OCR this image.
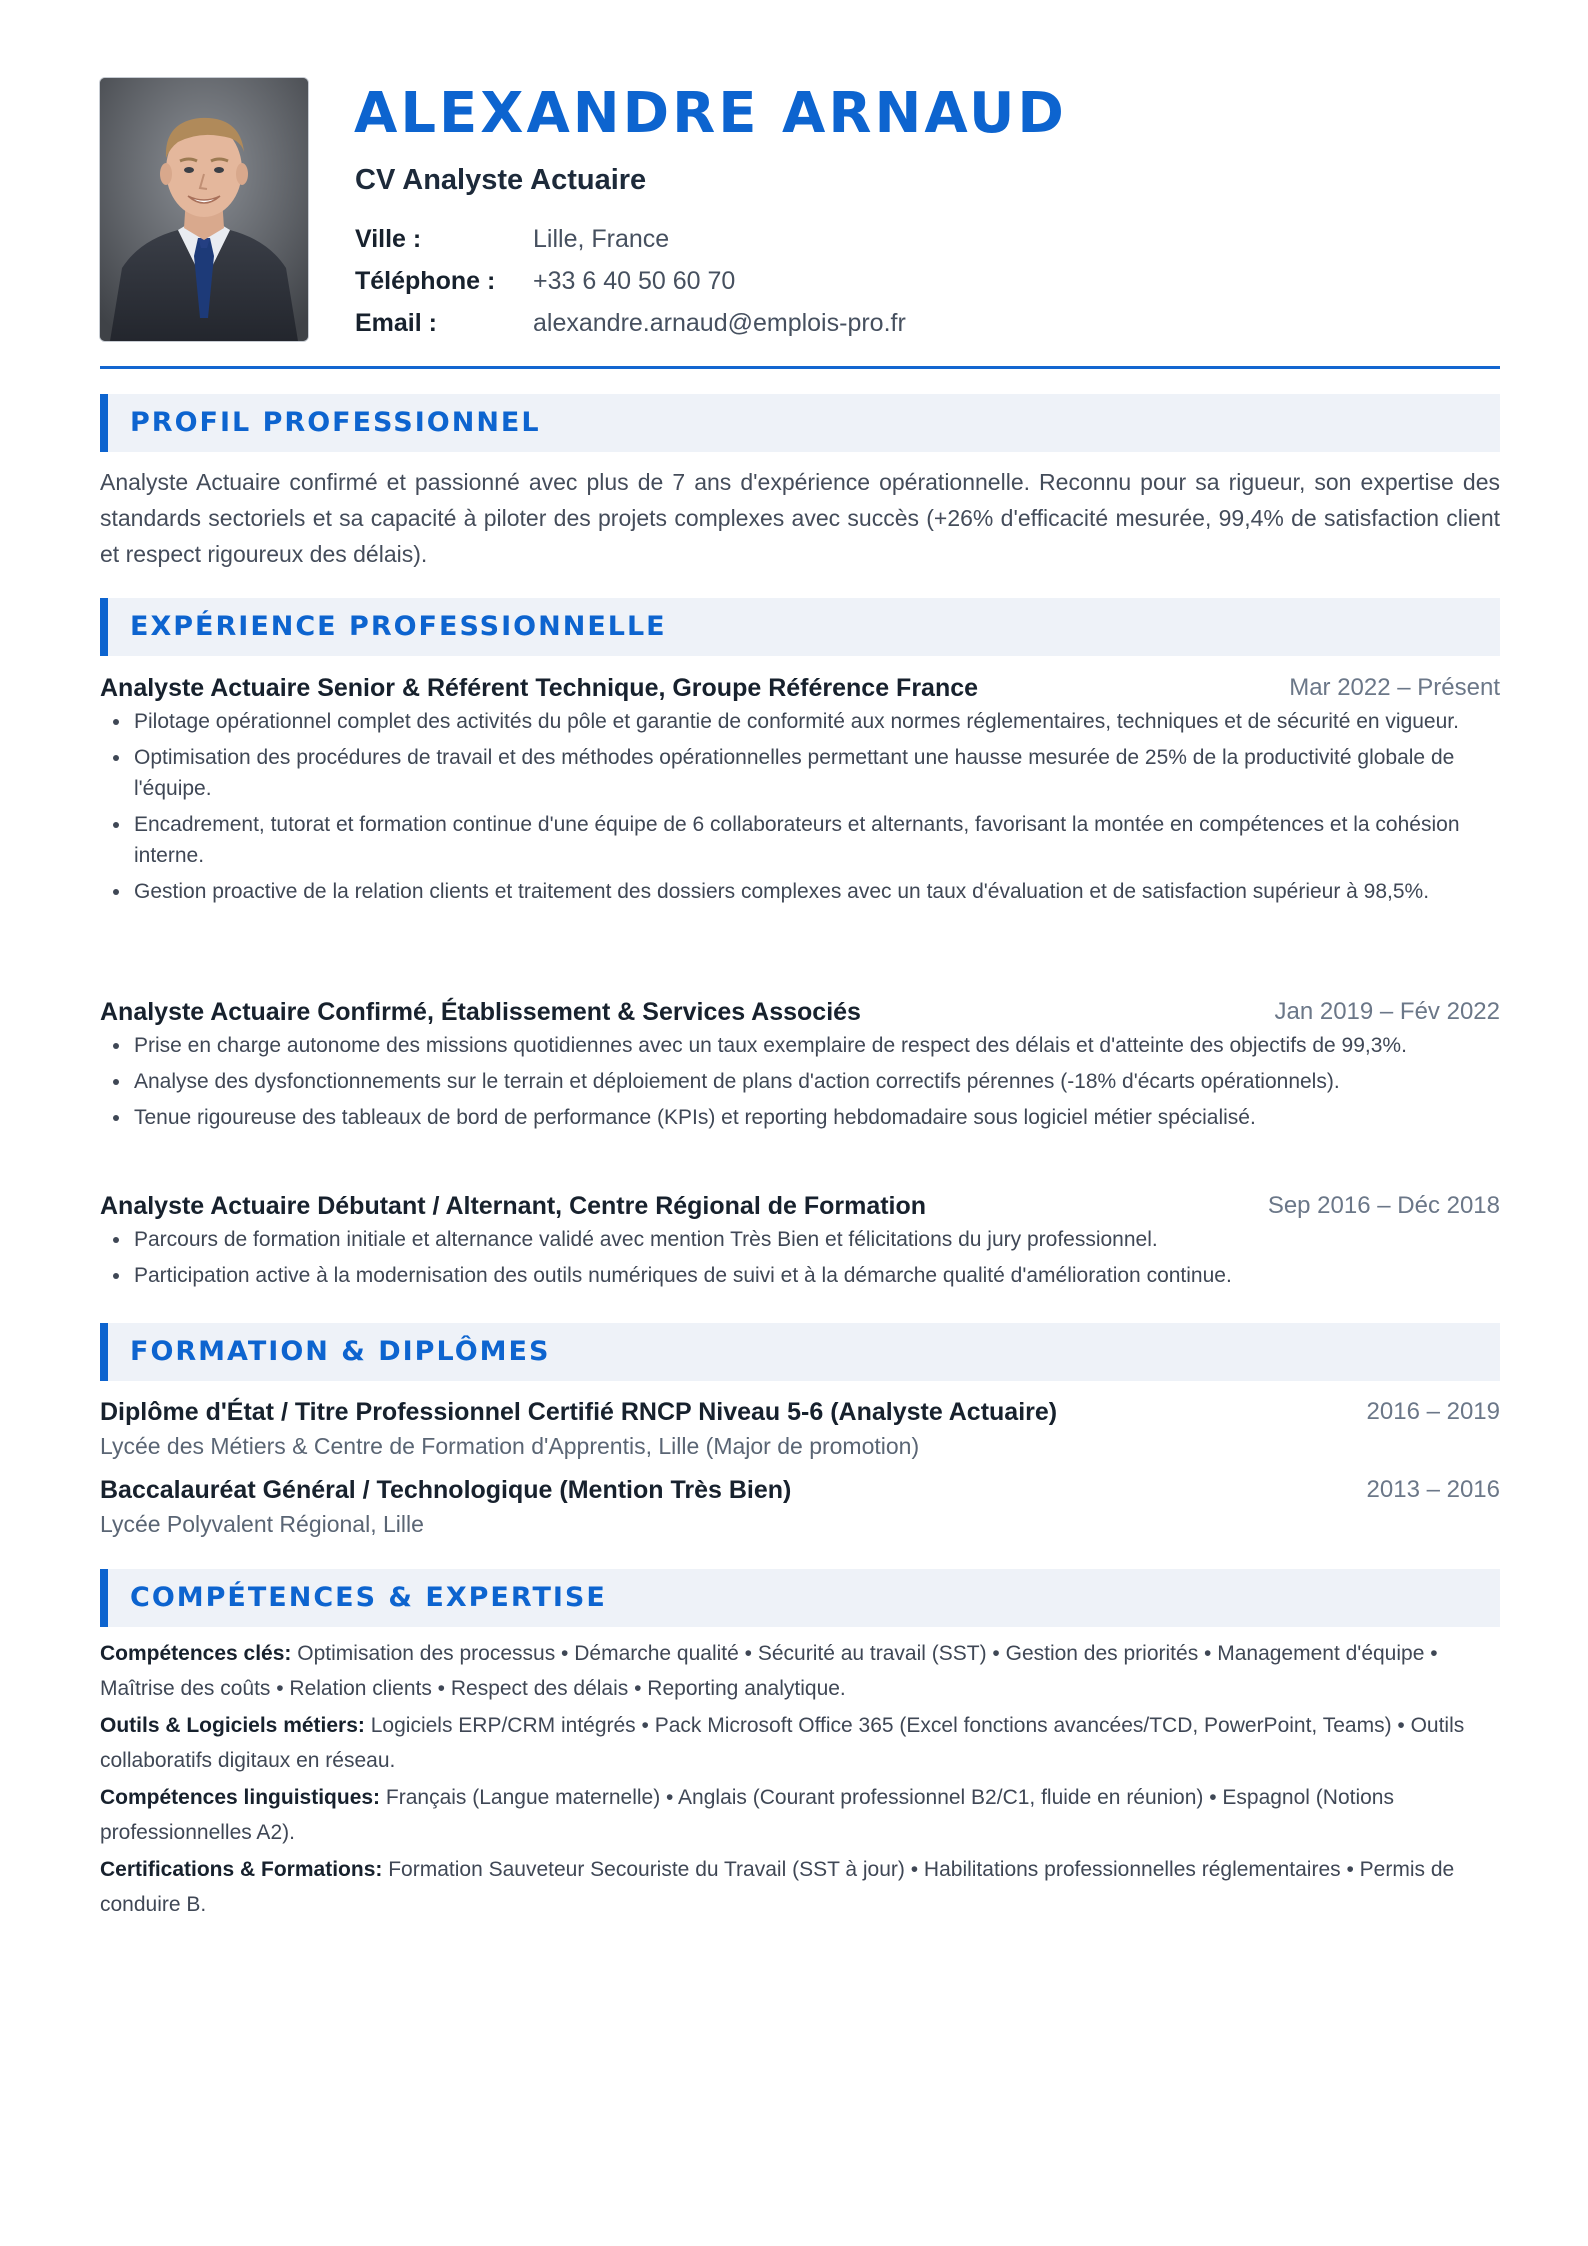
ALEXANDRE ARNAUD
CV Analyste Actuaire
Ville :	Lille, France
Téléphone : +33 6 40 50 60 70
Email :	alexandre.arnaud@emplois-pro.fr
PROFIL PROFESSIONNEL

Analyste Actuaire confirmé et passionné avec plus de 7 ans d'expérience opérationnelle. Reconnu pour sa rigueur, son expertise des standards sectoriels et sa capacité à piloter des projets complexes avec succès (+26% d'efficacité mesurée, 99,4% de satisfaction client et respect rigoureux des délais).

EXPÉRIENCE PROFESSIONNELLE
Analyste Actuaire Senior & Référent Technique, Groupe Référence France	Mar 2022 – Présent
Pilotage opérationnel complet des activités du pôle et garantie de conformité aux normes réglementaires, techniques et de sécurité en vigueur.
Optimisation des procédures de travail et des méthodes opérationnelles permettant une hausse mesurée de 25% de la productivité globale de l'équipe.
Encadrement, tutorat et formation continue d'une équipe de 6 collaborateurs et alternants, favorisant la montée en compétences et la cohésion interne.
Gestion proactive de la relation clients et traitement des dossiers complexes avec un taux d'évaluation et de satisfaction supérieur à 98,5%.
Analyste Actuaire Confirmé, Établissement & Services Associés	Jan 2019 – Fév 2022
Prise en charge autonome des missions quotidiennes avec un taux exemplaire de respect des délais et d'atteinte des objectifs de 99,3%.
Analyse des dysfonctionnements sur le terrain et déploiement de plans d'action correctifs pérennes (-18% d'écarts opérationnels).
Tenue rigoureuse des tableaux de bord de performance (KPIs) et reporting hebdomadaire sous logiciel métier spécialisé.
Analyste Actuaire Débutant / Alternant, Centre Régional de Formation	Sep 2016 – Déc 2018
Parcours de formation initiale et alternance validé avec mention Très Bien et félicitations du jury professionnel.
Participation active à la modernisation des outils numériques de suivi et à la démarche qualité d'amélioration continue.
FORMATION & DIPLÔMES
Diplôme d'État / Titre Professionnel Certifié RNCP Niveau 5-6 (Analyste Actuaire)	2016 – 2019
Lycée des Métiers & Centre de Formation d'Apprentis, Lille (Major de promotion)
Baccalauréat Général / Technologique (Mention Très Bien)	2013 – 2016
Lycée Polyvalent Régional, Lille
COMPÉTENCES & EXPERTISE
Compétences clés: Optimisation des processus • Démarche qualité • Sécurité au travail (SST) • Gestion des priorités • Management d'équipe • Maîtrise des coûts • Relation clients • Respect des délais • Reporting analytique.
Outils & Logiciels métiers: Logiciels ERP/CRM intégrés • Pack Microsoft Office 365 (Excel fonctions avancées/TCD, PowerPoint, Teams) • Outils collaboratifs digitaux en réseau.
Compétences linguistiques: Français (Langue maternelle) • Anglais (Courant professionnel B2/C1, fluide en réunion) • Espagnol (Notions professionnelles A2).
Certifications & Formations: Formation Sauveteur Secouriste du Travail (SST à jour) • Habilitations professionnelles réglementaires • Permis de conduire B.
